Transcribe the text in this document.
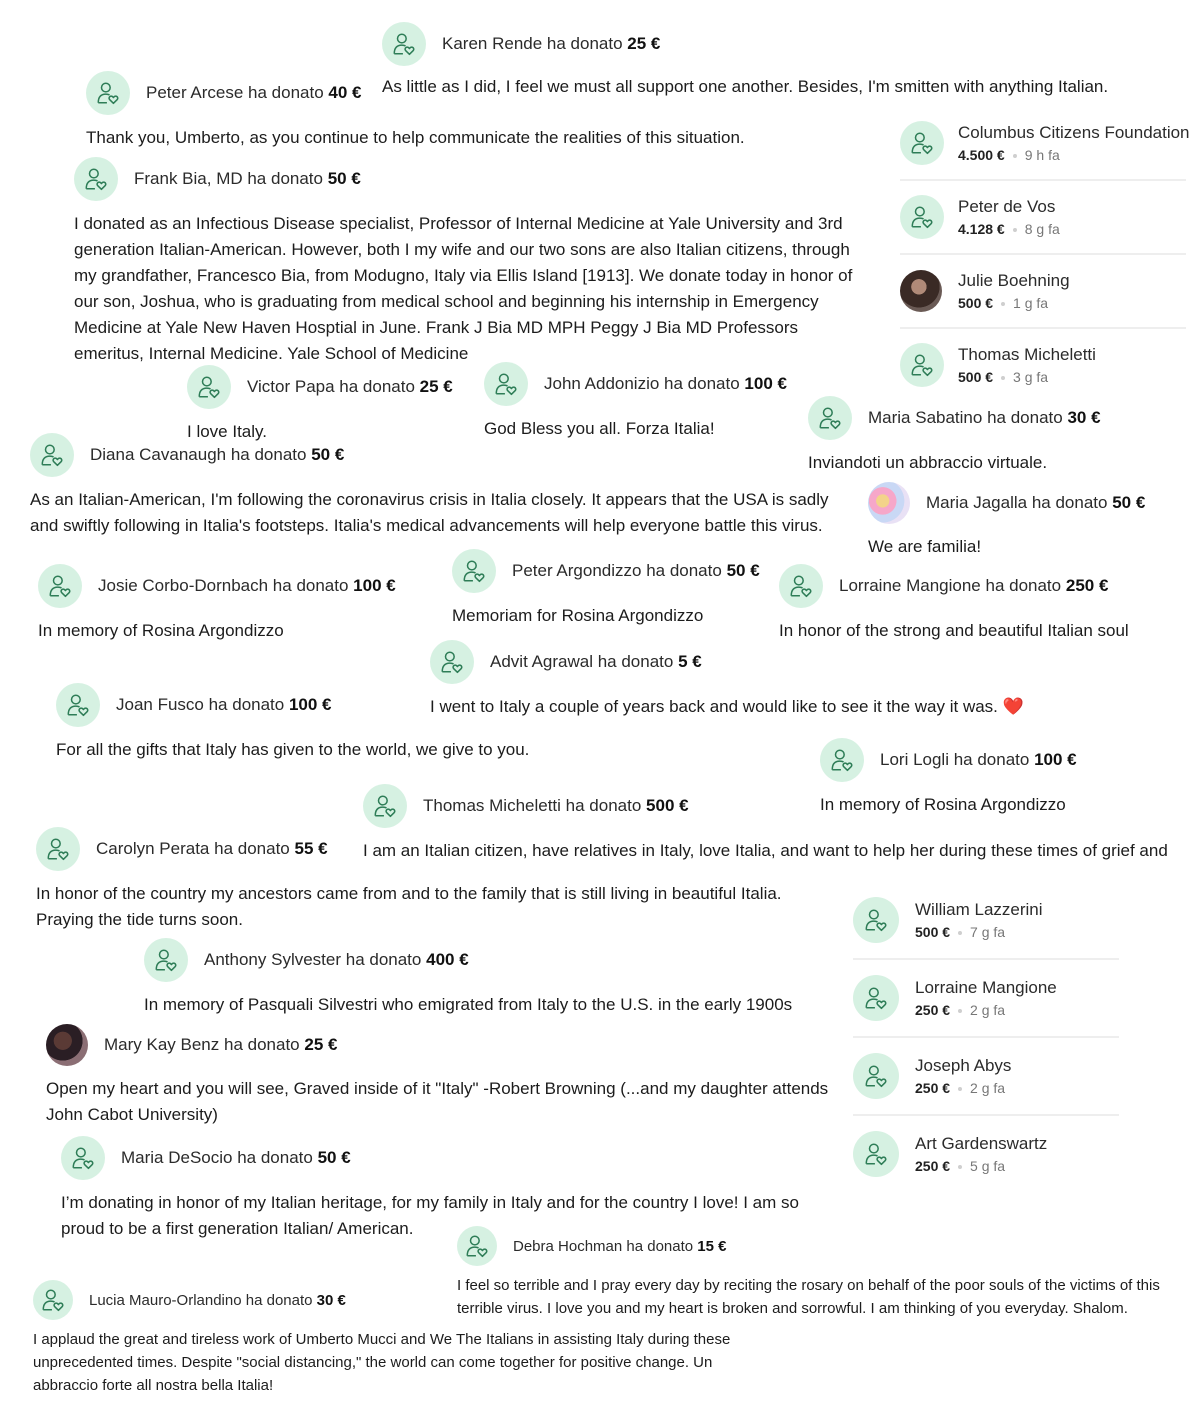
Karen Rende ha donato 25 €
As little as I did, I feel we must all support one another. Besides, I'm smitten with anything Italian.
Peter Arcese ha donato 40 €
Thank you, Umberto, as you continue to help communicate the realities of this situation.
Frank Bia, MD ha donato 50 €
I donated as an Infectious Disease specialist, Professor of Internal Medicine at Yale University and 3rd generation Italian-American. However, both I my wife and our two sons are also Italian citizens, through my grandfather, Francesco Bia, from Modugno, Italy via Ellis Island [1913]. We donate today in honor of our son, Joshua, who is graduating from medical school and beginning his internship in Emergency Medicine at Yale New Haven Hosptial in June. Frank J Bia MD MPH Peggy J Bia MD Professors emeritus, Internal Medicine. Yale School of Medicine
Victor Papa ha donato 25 €
I love Italy.
John Addonizio ha donato 100 €
God Bless you all. Forza Italia!
Maria Sabatino ha donato 30 €
Inviandoti un abbraccio virtuale.
Diana Cavanaugh ha donato 50 €
As an Italian-American, I'm following the coronavirus crisis in Italia closely. It appears that the USA is sadly and swiftly following in Italia's footsteps. Italia's medical advancements will help everyone battle this virus.
Maria Jagalla ha donato 50 €
We are familia!
Peter Argondizzo ha donato 50 €
Memoriam for Rosina Argondizzo
Josie Corbo-Dornbach ha donato 100 €
In memory of Rosina Argondizzo
Lorraine Mangione ha donato 250 €
In honor of the strong and beautiful Italian soul
Advit Agrawal ha donato 5 €
I went to Italy a couple of years back and would like to see it the way it was. ❤️
Joan Fusco ha donato 100 €
For all the gifts that Italy has given to the world, we give to you.
Lori Logli ha donato 100 €
In memory of Rosina Argondizzo
Thomas Micheletti ha donato 500 €
I am an Italian citizen, have relatives in Italy, love Italia, and want to help her during these times of grief and
Carolyn Perata ha donato 55 €
In honor of the country my ancestors came from and to the family that is still living in beautiful Italia. Praying the tide turns soon.
Anthony Sylvester ha donato 400 €
In memory of Pasquali Silvestri who emigrated from Italy to the U.S. in the early 1900s
Mary Kay Benz ha donato 25 €
Open my heart and you will see, Graved inside of it "Italy" -Robert Browning (...and my daughter attends John Cabot University)
Maria DeSocio ha donato 50 €
I’m donating in honor of my Italian heritage, for my family in Italy and for the country I love! I am so proud to be a first generation Italian/ American.
Debra Hochman ha donato 15 €
I feel so terrible and I pray every day by reciting the rosary on behalf of the poor souls of the victims of this terrible virus. I love you and my heart is broken and sorrowful. I am thinking of you everyday. Shalom.
Lucia Mauro-Orlandino ha donato 30 €
I applaud the great and tireless work of Umberto Mucci and We The Italians in assisting Italy during these unprecedented times. Despite "social distancing," the world can come together for positive change. Un abbraccio forte all nostra bella Italia!
Columbus Citizens Foundation
4.500 € 9 h fa
Peter de Vos
4.128 € 8 g fa
Julie Boehning
500 € 1 g fa
Thomas Micheletti
500 € 3 g fa
William Lazzerini
500 € 7 g fa
Lorraine Mangione
250 € 2 g fa
Joseph Abys
250 € 2 g fa
Art Gardenswartz
250 € 5 g fa
